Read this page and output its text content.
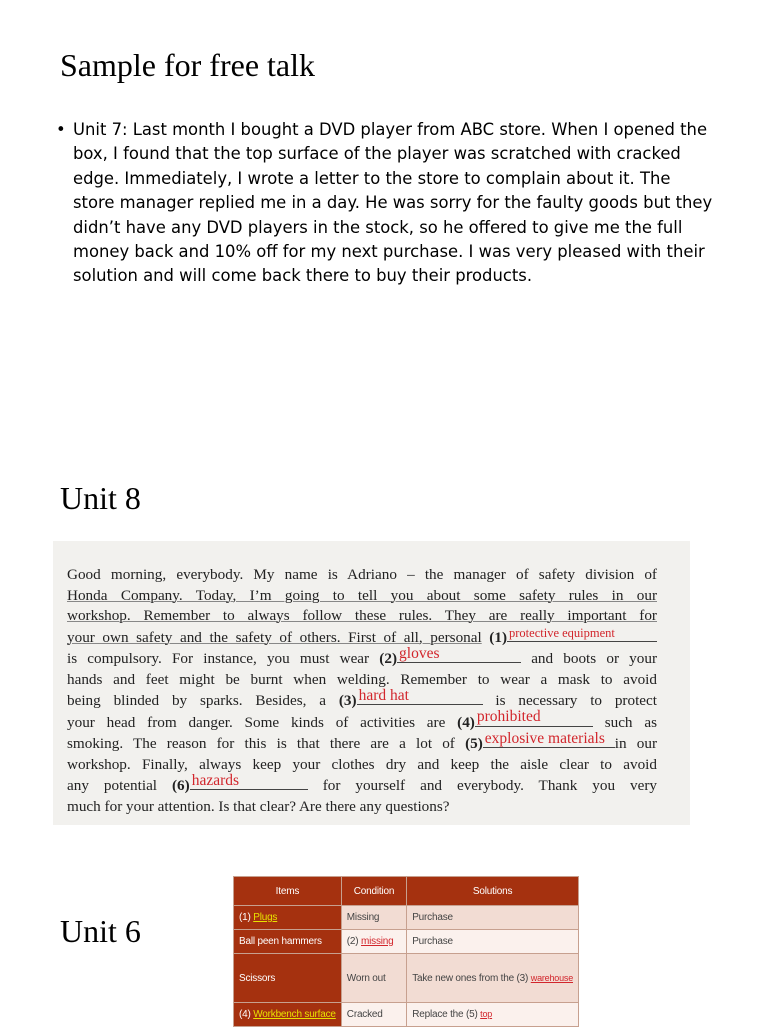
Sample for free talk
• Unit 7: Last month I bought a DVD player from ABC store. When I opened the box, I found that the top surface of the player was scratched with cracked edge. Immediately, I wrote a letter to the store to complain about it. The store manager replied me in a day. He was sorry for the faulty goods but they didn’t have any DVD players in the stock, so he offered to give me the full money back and 10% off for my next purchase. I was very pleased with their solution and will come back there to buy their products.
Unit 8
Good morning, everybody. My name is Adriano – the manager of safety division of
Honda Company. Today, I’m going to tell you about some safety rules in our
workshop. Remember to always follow these rules. They are really important for
your own safety and the safety of others. First of all, personal (1) protective equipment
is compulsory. For instance, you must wear (2) gloves	and boots or your
hands and feet might be burnt when welding. Remember to wear a mask to avoid
being blinded by sparks. Besides, a (3) hard hat	is necessary to protect
your head from danger. Some kinds of activities are (4) prohibited	such as
smoking. The reason for this is that there are a lot of (5) explosive materials in our
workshop. Finally, always keep your clothes dry and keep the aisle clear to avoid
any potential (6) hazards	for yourself and everybody. Thank you very
much for your attention. Is that clear? Are there any questions?
Unit 6
Items	Condition	Solutions
(1) Plugs	Missing	Purchase
Ball peen hammers	(2) missing	Purchase
Scissors	Worn out	Take new ones from the (3) warehouse
(4) Workbench surface	Cracked	Replace the (5) top
